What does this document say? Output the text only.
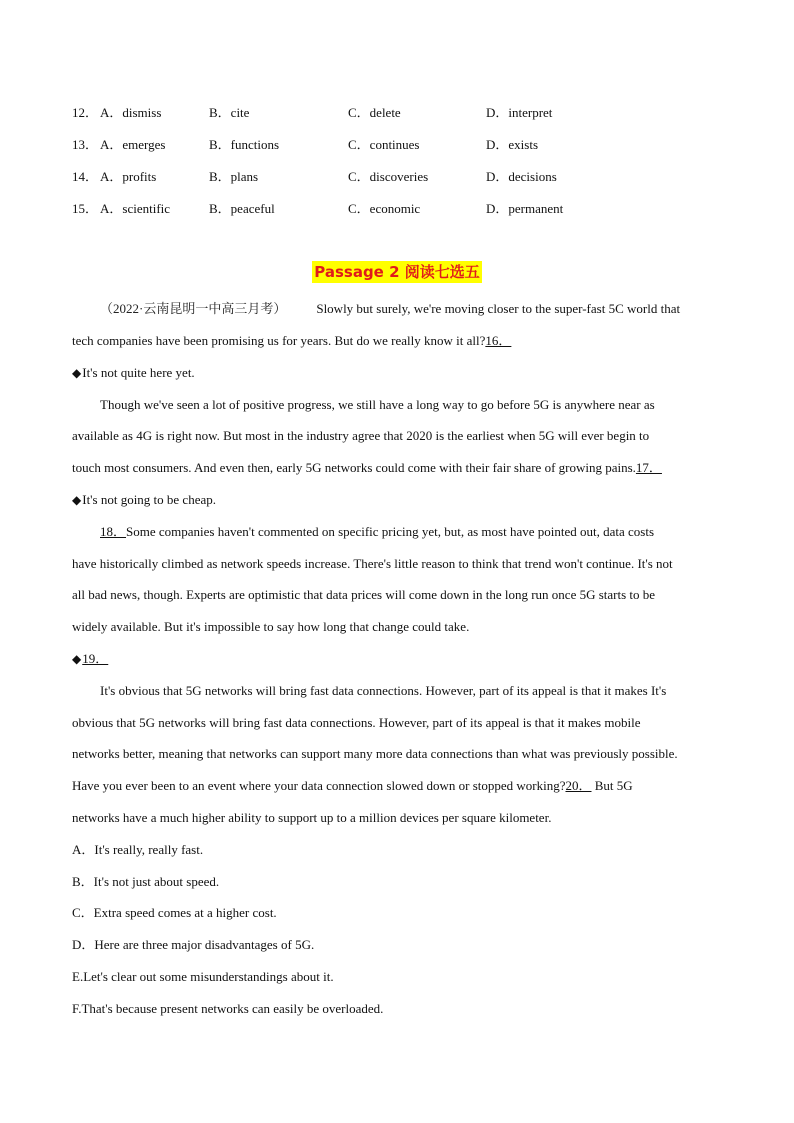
12． A．dismiss	B．cite	C．delete	D．interpret
13． A．emerges	B．functions	C．continues	D．exists
14． A．profits	B．plans	C．discoveries	D．decisions
15． A．scientific	B．peaceful	C．economic	D．permanent
Passage 2 阅读七选五
（2022·云南昆明一中高三月考） Slowly but surely, we're moving closer to the super-fast 5C world that
tech companies have been promising us for years. But do we really know it all?16．
◆It's not quite here yet.
Though we've seen a lot of positive progress, we still have a long way to go before 5G is anywhere near as
available as 4G is right now. But most in the industry agree that 2020 is the earliest when 5G will ever begin to
touch most consumers. And even then, early 5G networks could come with their fair share of growing pains.17．
◆It's not going to be cheap.
18．Some companies haven't commented on specific pricing yet, but, as most have pointed out, data costs
have historically climbed as network speeds increase. There's little reason to think that trend won't continue. It's not
all bad news, though. Experts are optimistic that data prices will come down in the long run once 5G starts to be
widely available. But it's impossible to say how long that change could take.
◆19．
It's obvious that 5G networks will bring fast data connections. However, part of its appeal is that it makes It's
obvious that 5G networks will bring fast data connections. However, part of its appeal is that it makes mobile
networks better, meaning that networks can support many more data connections than what was previously possible.
Have you ever been to an event where your data connection slowed down or stopped working?20． But 5G
networks have a much higher ability to support up to a million devices per square kilometer.
A．It's really, really fast.
B．It's not just about speed.
C．Extra speed comes at a higher cost.
D．Here are three major disadvantages of 5G.
E.Let's clear out some misunderstandings about it.
F.That's because present networks can easily be overloaded.
